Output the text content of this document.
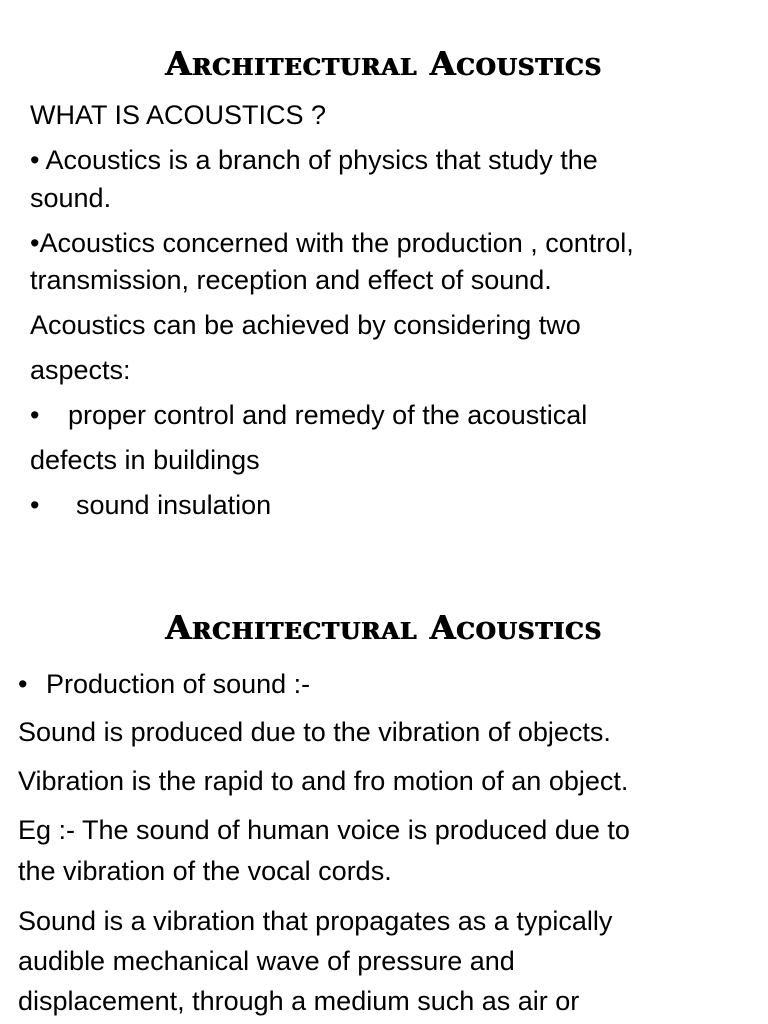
Architectural Acoustics
WHAT IS ACOUSTICS ?
• Acoustics is a branch of physics that study the
sound.
•Acoustics concerned with the production , control,
transmission, reception and effect of sound.
Acoustics can be achieved by considering two
aspects:
• proper control and remedy of the acoustical
defects in buildings
• sound insulation
Architectural Acoustics
• Production of sound :-
Sound is produced due to the vibration of objects.
Vibration is the rapid to and fro motion of an object.
Eg :- The sound of human voice is produced due to
the vibration of the vocal cords.
Sound is a vibration that propagates as a typically
audible mechanical wave of pressure and
displacement, through a medium such as air or
